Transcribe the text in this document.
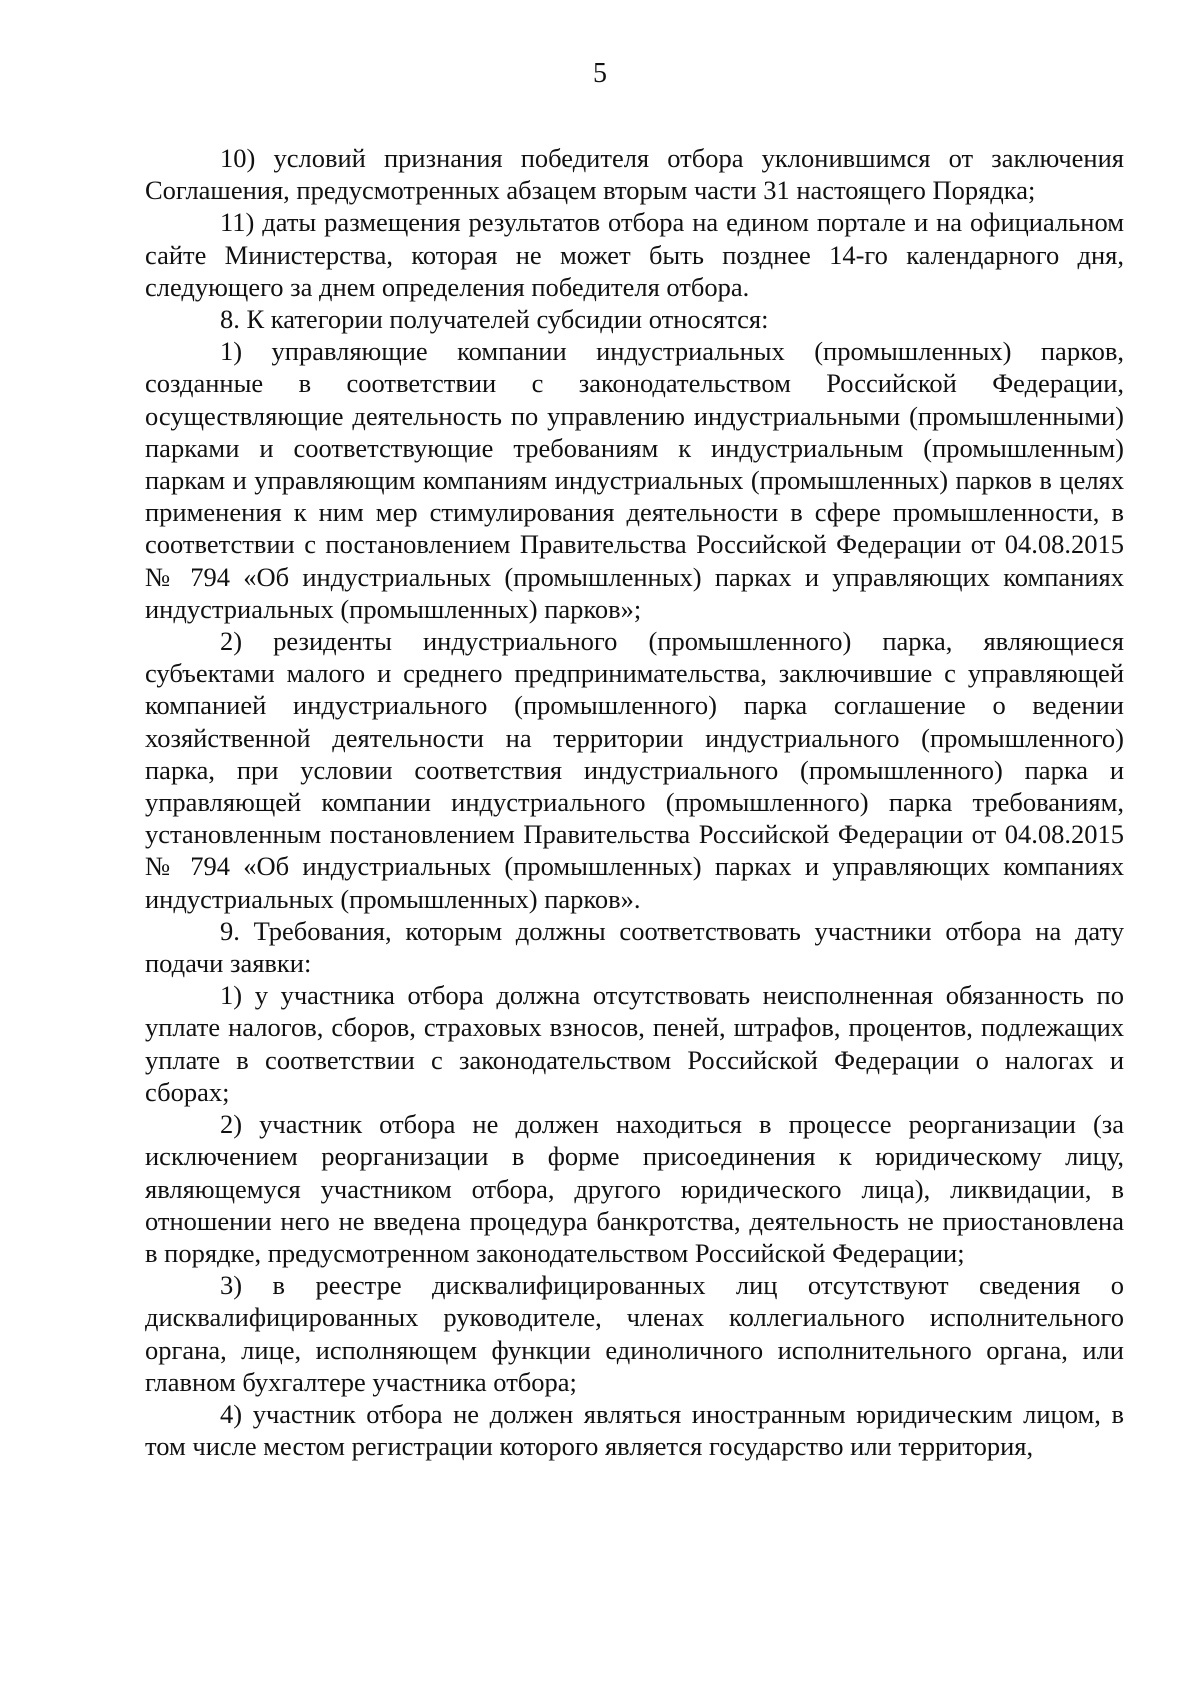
5

10) условий признания победителя отбора уклонившимся от заключения Соглашения, предусмотренных абзацем вторым части 31 настоящего Порядка;

11) даты размещения результатов отбора на едином портале и на официальном сайте Министерства, которая не может быть позднее 14-го календарного дня, следующего за днем определения победителя отбора.

8. К категории получателей субсидии относятся:

1) управляющие компании индустриальных (промышленных) парков, созданные в соответствии с законодательством Российской Федерации, осуществляющие деятельность по управлению индустриальными (промышленными) парками и соответствующие требованиям к индустриальным (промышленным) паркам и управляющим компаниям индустриальных (промышленных) парков в целях применения к ним мер стимулирования деятельности в сфере промышленности, в соответствии с постановлением Правительства Российской Федерации от 04.08.2015 № 794 «Об индустриальных (промышленных) парках и управляющих компаниях индустриальных (промышленных) парков»;

2) резиденты индустриального (промышленного) парка, являющиеся субъектами малого и среднего предпринимательства, заключившие с управляющей компанией индустриального (промышленного) парка соглашение о ведении хозяйственной деятельности на территории индустриального (промышленного) парка, при условии соответствия индустриального (промышленного) парка и управляющей компании индустриального (промышленного) парка требованиям, установленным постановлением Правительства Российской Федерации от 04.08.2015 № 794 «Об индустриальных (промышленных) парках и управляющих компаниях индустриальных (промышленных) парков».

9. Требования, которым должны соответствовать участники отбора на дату подачи заявки:

1) у участника отбора должна отсутствовать неисполненная обязанность по уплате налогов, сборов, страховых взносов, пеней, штрафов, процентов, подлежащих уплате в соответствии с законодательством Российской Федерации о налогах и сборах;

2) участник отбора не должен находиться в процессе реорганизации (за исключением реорганизации в форме присоединения к юридическому лицу, являющемуся участником отбора, другого юридического лица), ликвидации, в отношении него не введена процедура банкротства, деятельность не приостановлена в порядке, предусмотренном законодательством Российской Федерации;

3) в реестре дисквалифицированных лиц отсутствуют сведения о дисквалифицированных руководителе, членах коллегиального исполнительного органа, лице, исполняющем функции единоличного исполнительного органа, или главном бухгалтере участника отбора;

4) участник отбора не должен являться иностранным юридическим лицом, в том числе местом регистрации которого является государство или территория,
